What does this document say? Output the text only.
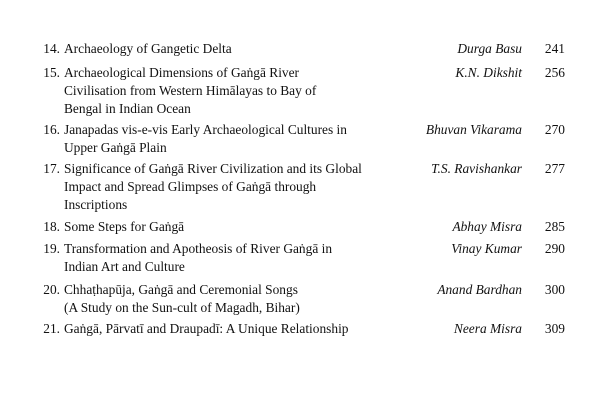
14. Archaeology of Gangetic Delta	Durga Basu	241
15. Archaeological Dimensions of Gaṅgā River
Civilisation from Western Himālayas to Bay of
Bengal in Indian Ocean
K.N. Dikshit	256
16. Janapadas vis-e-vis Early Archaeological Cultures in
Upper Gaṅgā Plain
Bhuvan Vikarama	270
17. Significance of Gaṅgā River Civilization and its Global
Impact and Spread Glimpses of Gaṅgā through
Inscriptions
T.S. Ravishankar	277
18. Some Steps for Gaṅgā	Abhay Misra	285
19. Transformation and Apotheosis of River Gaṅgā in
Indian Art and Culture
Vinay Kumar	290
20. Chhaṭhapūja, Gaṅgā and Ceremonial Songs
(A Study on the Sun-cult of Magadh, Bihar)
Anand Bardhan	300
21. Gaṅgā, Pārvatī and Draupadī: A Unique Relationship	Neera Misra	309
